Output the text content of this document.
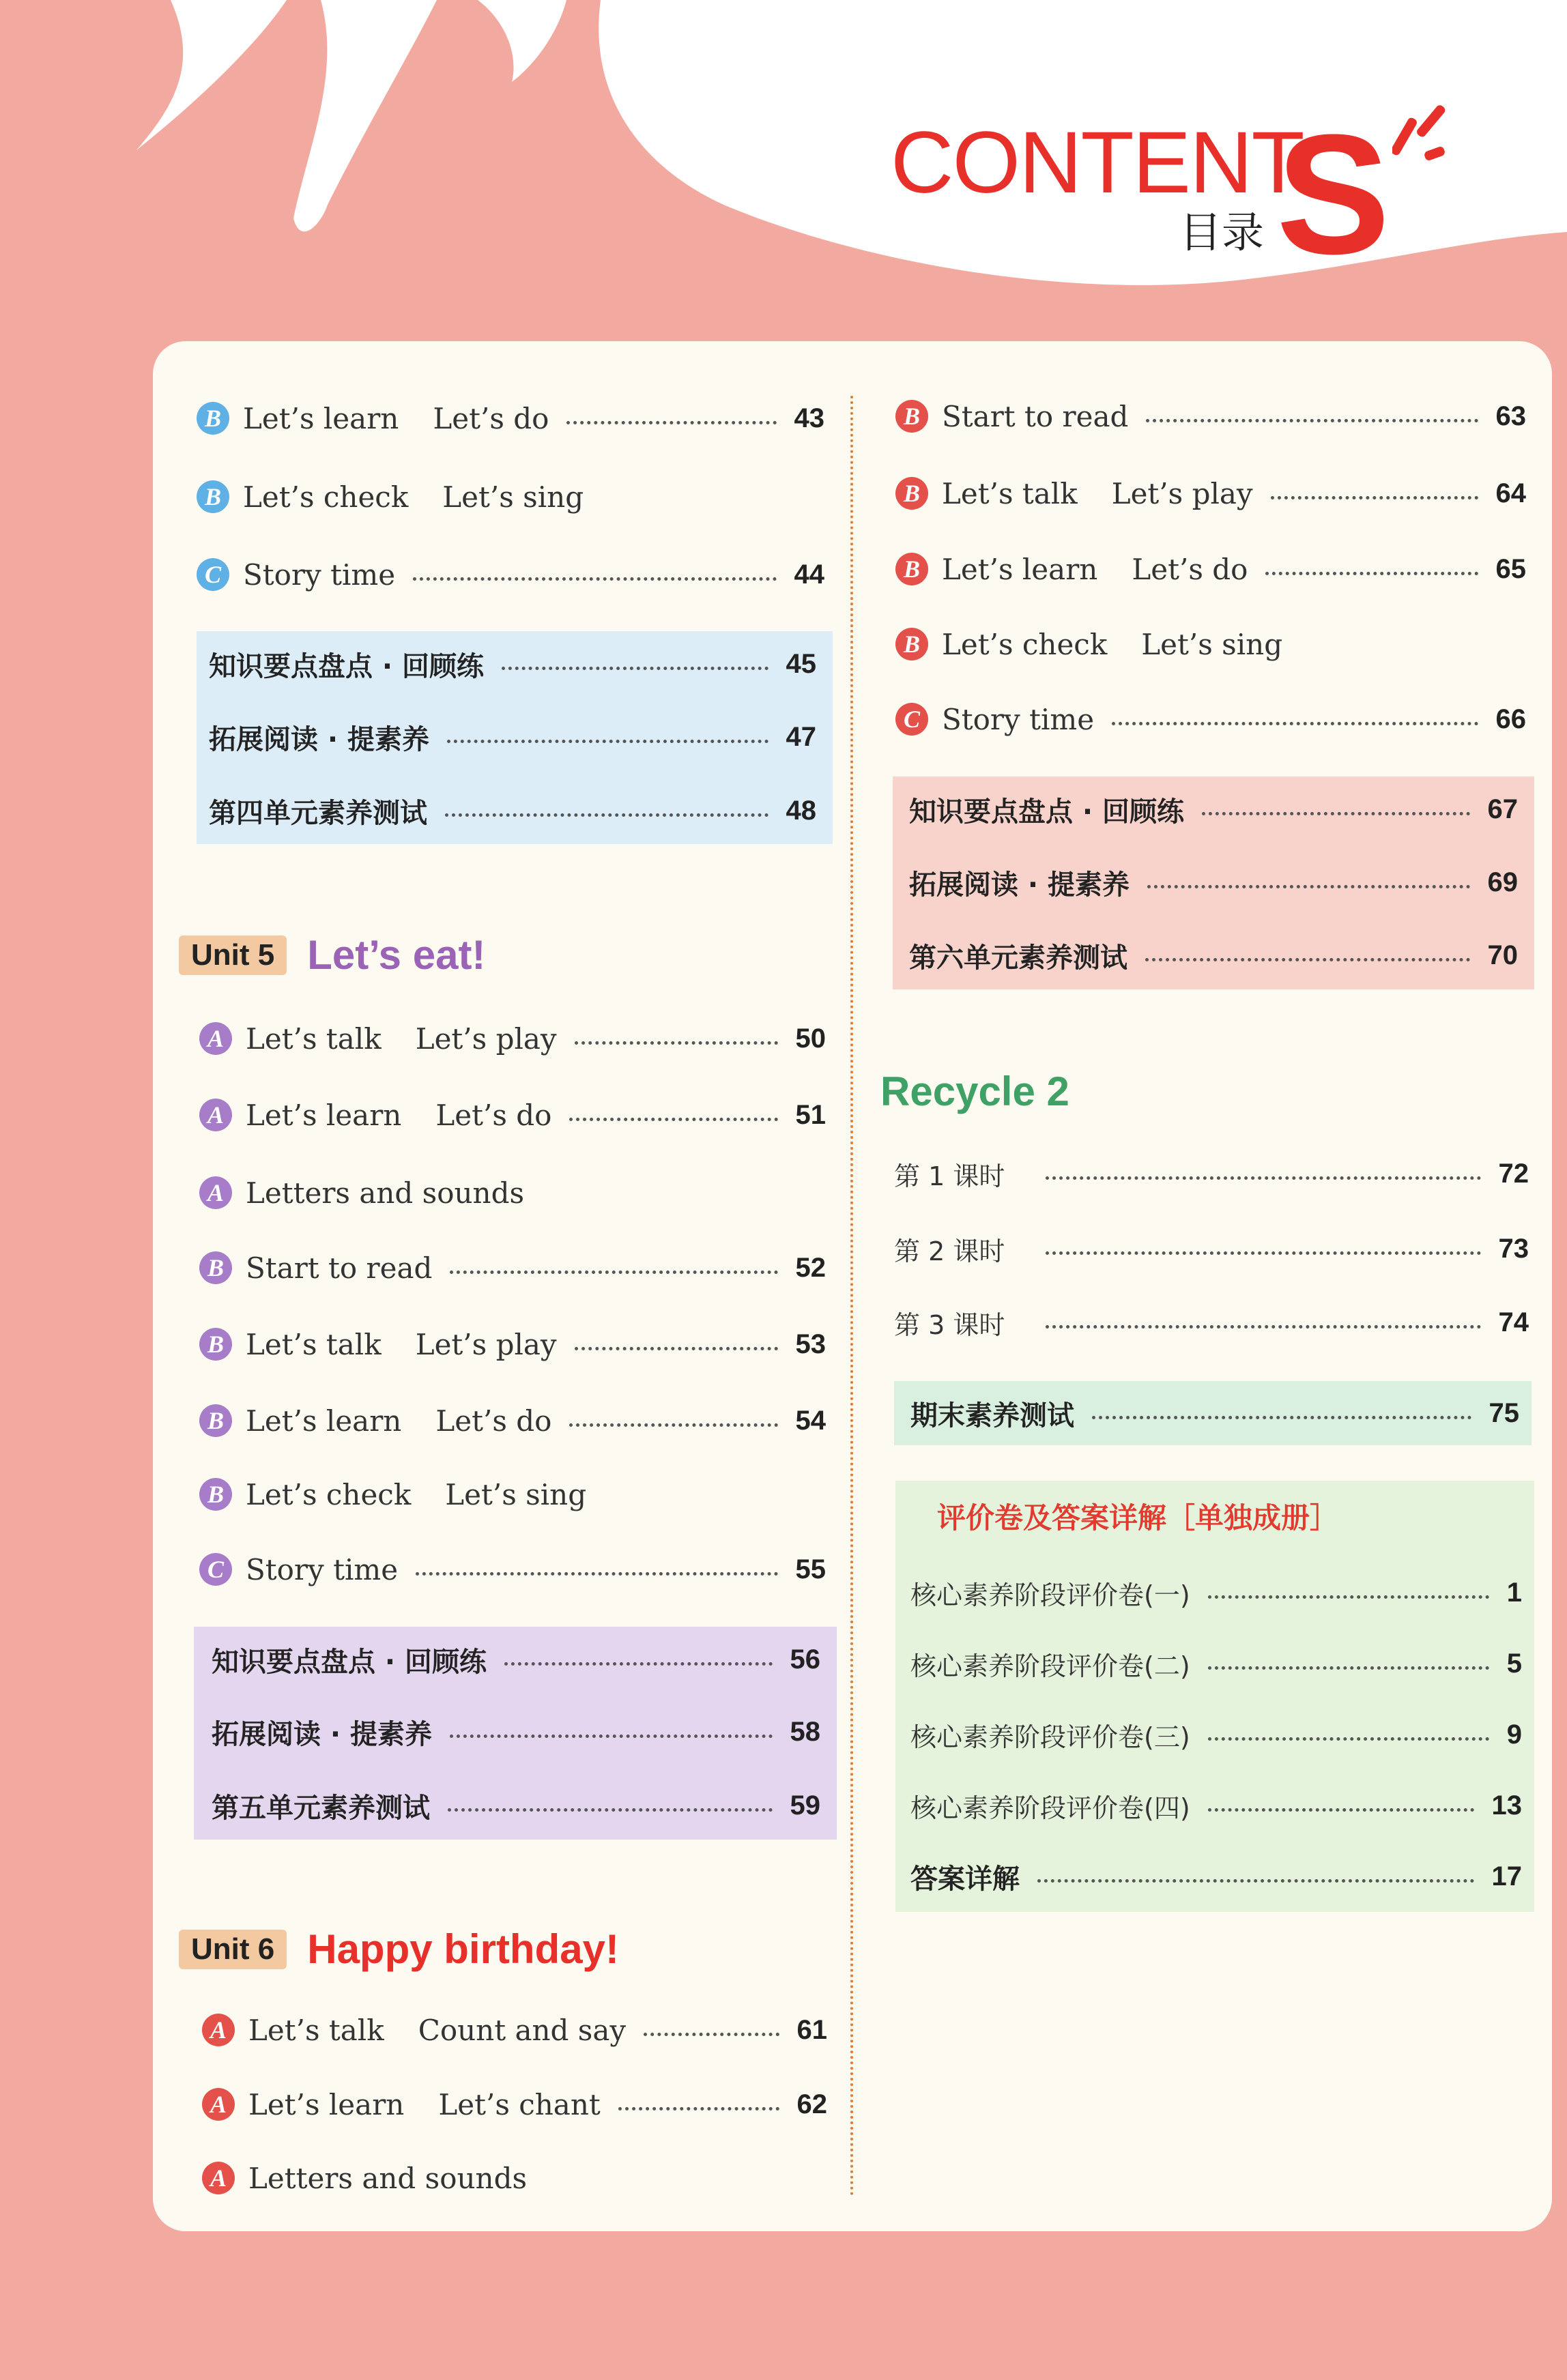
CONTENT
S
目录
B Let’s learn Let’s do	43
B Let’s check Let’s sing
C Story time	44
知识要点盘点 · 回顾练	45
拓展阅读 · 提素养	47
第四单元素养测试	48
Unit 5 Let’s eat!
A Let’s talk Let’s play	50
A Let’s learn Let’s do	51
A Letters and sounds
B Start to read	52
B Let’s talk Let’s play	53
B Let’s learn Let’s do	54
B Let’s check Let’s sing
C Story time	55
知识要点盘点 · 回顾练	56
拓展阅读 · 提素养	58
第五单元素养测试	59
Unit 6 Happy birthday!
A Let’s talk Count and say	61
A Let’s learn Let’s chant	62
A Letters and sounds
B Start to read	63
B Let’s talk Let’s play	64
B Let’s learn Let’s do	65
B Let’s check Let’s sing
C Story time	66
知识要点盘点 · 回顾练	67
拓展阅读 · 提素养	69
第六单元素养测试	70
Recycle 2
第 1 课时	72
第 2 课时	73
第 3 课时	74
期末素养测试	75
评价卷及答案详解［单独成册］
核心素养阶段评价卷(一)	1
核心素养阶段评价卷(二)	5
核心素养阶段评价卷(三)	9
核心素养阶段评价卷(四)	13
答案详解	17
